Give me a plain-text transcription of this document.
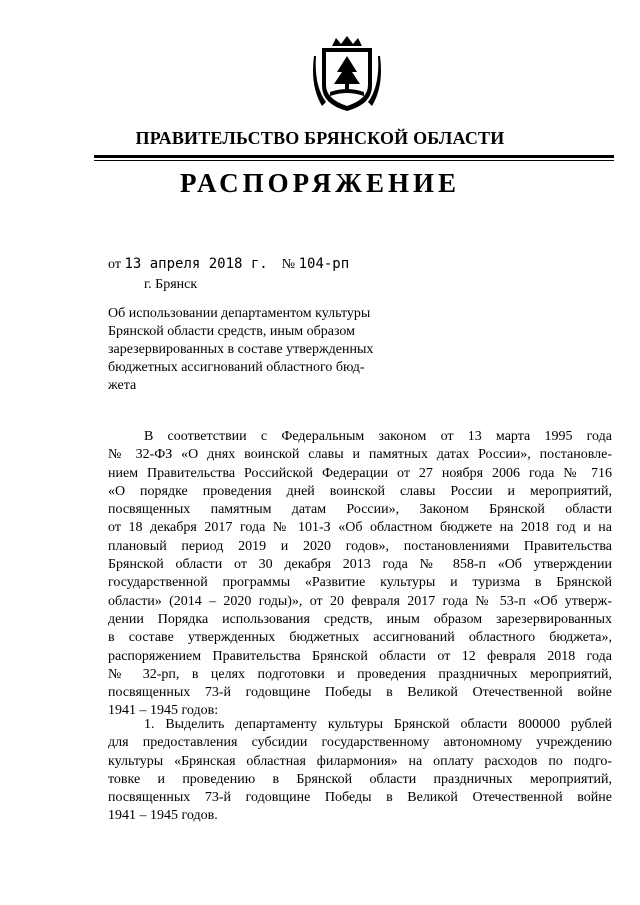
ПРАВИТЕЛЬСТВО БРЯНСКОЙ ОБЛАСТИ
РАСПОРЯЖЕНИЕ
от 13 апреля 2018 г. № 104-рп
г. Брянск
Об использовании департаментом культуры
Брянской области средств, иным образом
зарезервированных в составе утвержденных
бюджетных ассигнований областного бюд-
жета
В соответствии с Федеральным законом от 13 марта 1995 года
№ 32-ФЗ «О днях воинской славы и памятных датах России», постановле-
нием Правительства Российской Федерации от 27 ноября 2006 года № 716
«О порядке проведения дней воинской славы России и мероприятий,
посвященных памятным датам России», Законом Брянской области
от 18 декабря 2017 года № 101-З «Об областном бюджете на 2018 год и на
плановый период 2019 и 2020 годов», постановлениями Правительства
Брянской области от 30 декабря 2013 года № 858-п «Об утверждении
государственной программы «Развитие культуры и туризма в Брянской
области» (2014 – 2020 годы)», от 20 февраля 2017 года № 53-п «Об утверж-
дении Порядка использования средств, иным образом зарезервированных
в составе утвержденных бюджетных ассигнований областного бюджета»,
распоряжением Правительства Брянской области от 12 февраля 2018 года
№ 32-рп, в целях подготовки и проведения праздничных мероприятий,
посвященных 73-й годовщине Победы в Великой Отечественной войне
1941 – 1945 годов:
1. Выделить департаменту культуры Брянской области 800000 рублей
для предоставления субсидии государственному автономному учреждению
культуры «Брянская областная филармония» на оплату расходов по подго-
товке и проведению в Брянской области праздничных мероприятий,
посвященных 73-й годовщине Победы в Великой Отечественной войне
1941 – 1945 годов.
